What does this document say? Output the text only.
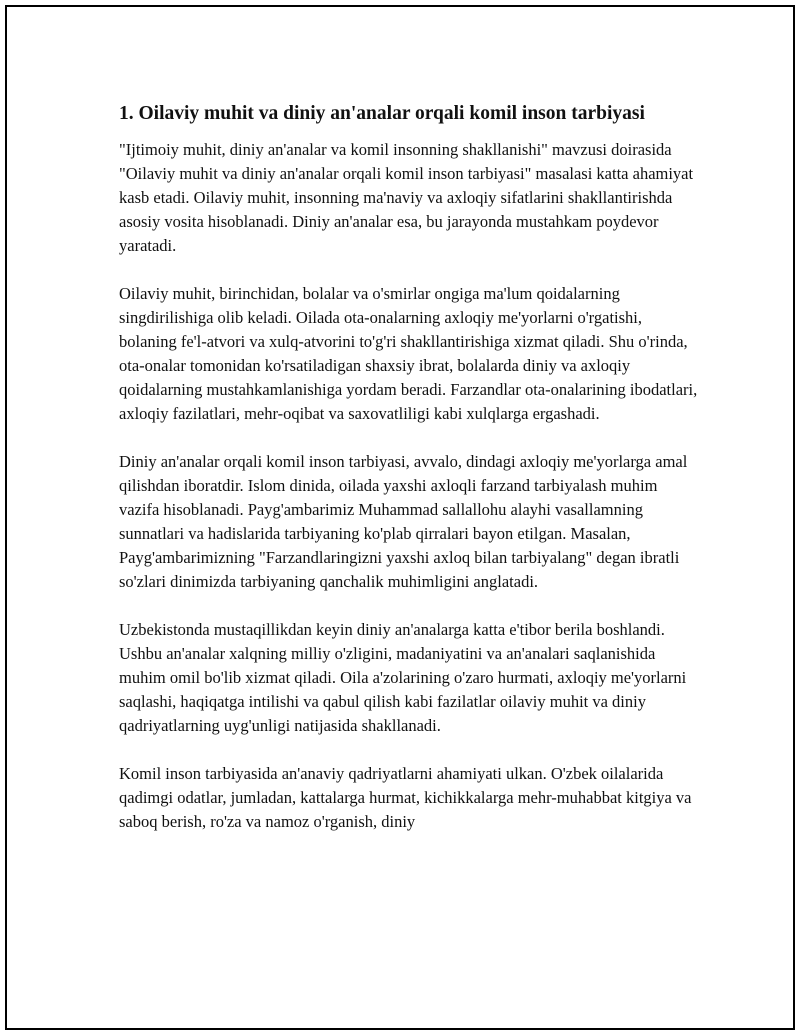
1. Oilaviy muhit va diniy an'analar orqali komil inson tarbiyasi

"Ijtimoiy muhit, diniy an'analar va komil insonning shakllanishi" mavzusi doirasida "Oilaviy muhit va diniy an'analar orqali komil inson tarbiyasi" masalasi katta ahamiyat kasb etadi. Oilaviy muhit, insonning ma'naviy va axloqiy sifatlarini shakllantirishda asosiy vosita hisoblanadi. Diniy an'analar esa, bu jarayonda mustahkam poydevor yaratadi.

Oilaviy muhit, birinchidan, bolalar va o'smirlar ongiga ma'lum qoidalarning singdirilishiga olib keladi. Oilada ota-onalarning axloqiy me'yorlarni o'rgatishi, bolaning fe'l-atvori va xulq-atvorini to'g'ri shakllantirishiga xizmat qiladi. Shu o'rinda, ota-onalar tomonidan ko'rsatiladigan shaxsiy ibrat, bolalarda diniy va axloqiy qoidalarning mustahkamlanishiga yordam beradi. Farzandlar ota-onalarining ibodatlari, axloqiy fazilatlari, mehr-oqibat va saxovatliligi kabi xulqlarga ergashadi.

Diniy an'analar orqali komil inson tarbiyasi, avvalo, dindagi axloqiy me'yorlarga amal qilishdan iboratdir. Islom dinida, oilada yaxshi axloqli farzand tarbiyalash muhim vazifa hisoblanadi. Payg'ambarimiz Muhammad sallallohu alayhi vasallamning sunnatlari va hadislarida tarbiyaning ko'plab qirralari bayon etilgan. Masalan, Payg'ambarimizning "Farzandlaringizni yaxshi axloq bilan tarbiyalang" degan ibratli so'zlari dinimizda tarbiyaning qanchalik muhimligini anglatadi.

Uzbekistonda mustaqillikdan keyin diniy an'analarga katta e'tibor berila boshlandi. Ushbu an'analar xalqning milliy o'zligini, madaniyatini va an'analari saqlanishida muhim omil bo'lib xizmat qiladi. Oila a'zolarining o'zaro hurmati, axloqiy me'yorlarni saqlashi, haqiqatga intilishi va qabul qilish kabi fazilatlar oilaviy muhit va diniy qadriyatlarning uyg'unligi natijasida shakllanadi.

Komil inson tarbiyasida an'anaviy qadriyatlarni ahamiyati ulkan. O'zbek oilalarida qadimgi odatlar, jumladan, kattalarga hurmat, kichikkalarga mehr-muhabbat kitgiya va saboq berish, ro'za va namoz o'rganish, diniy
